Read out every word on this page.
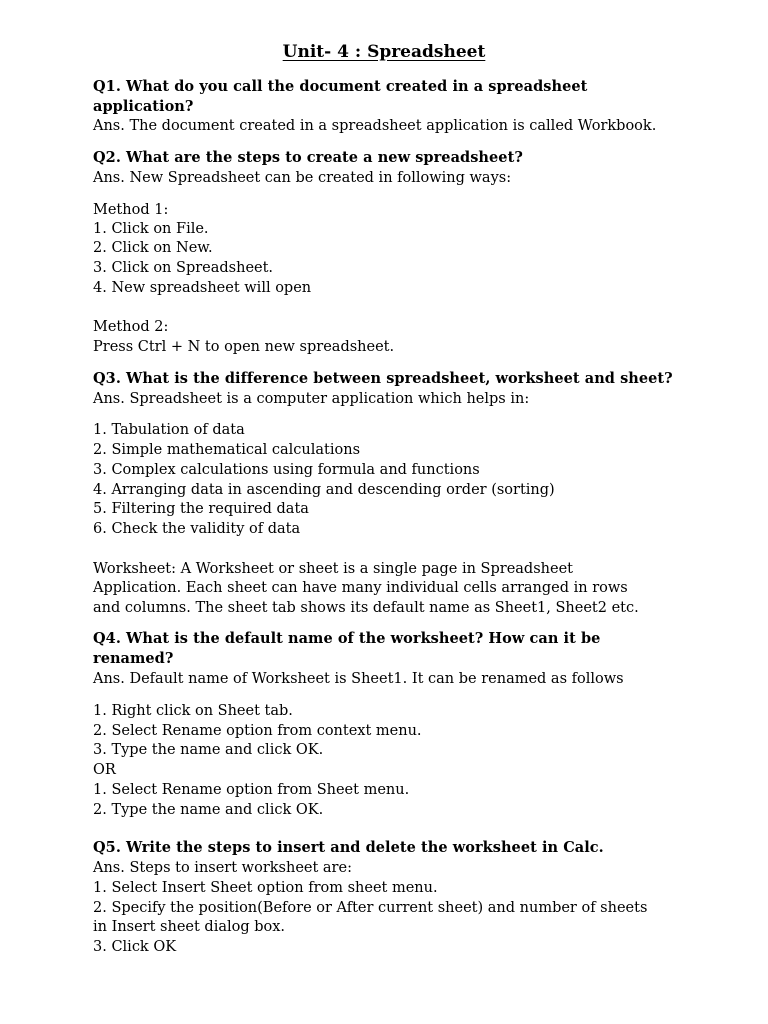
Unit- 4 : Spreadsheet
Q1. What do you call the document created in a spreadsheet
application?
Ans. The document created in a spreadsheet application is called Workbook.
Q2. What are the steps to create a new spreadsheet?
Ans. New Spreadsheet can be created in following ways:
Method 1:
1. Click on File.
2. Click on New.
3. Click on Spreadsheet.
4. New spreadsheet will open
Method 2:
Press Ctrl + N to open new spreadsheet.
Q3. What is the difference between spreadsheet, worksheet and sheet?
Ans. Spreadsheet is a computer application which helps in:
1. Tabulation of data
2. Simple mathematical calculations
3. Complex calculations using formula and functions
4. Arranging data in ascending and descending order (sorting)
5. Filtering the required data
6. Check the validity of data
Worksheet: A Worksheet or sheet is a single page in Spreadsheet
Application. Each sheet can have many individual cells arranged in rows
and columns. The sheet tab shows its default name as Sheet1, Sheet2 etc.
Q4. What is the default name of the worksheet? How can it be
renamed?
Ans. Default name of Worksheet is Sheet1. It can be renamed as follows
1. Right click on Sheet tab.
2. Select Rename option from context menu.
3. Type the name and click OK.
OR
1. Select Rename option from Sheet menu.
2. Type the name and click OK.
Q5. Write the steps to insert and delete the worksheet in Calc.
Ans. Steps to insert worksheet are:
1. Select Insert Sheet option from sheet menu.
2. Specify the position(Before or After current sheet) and number of sheets
in Insert sheet dialog box.
3. Click OK
